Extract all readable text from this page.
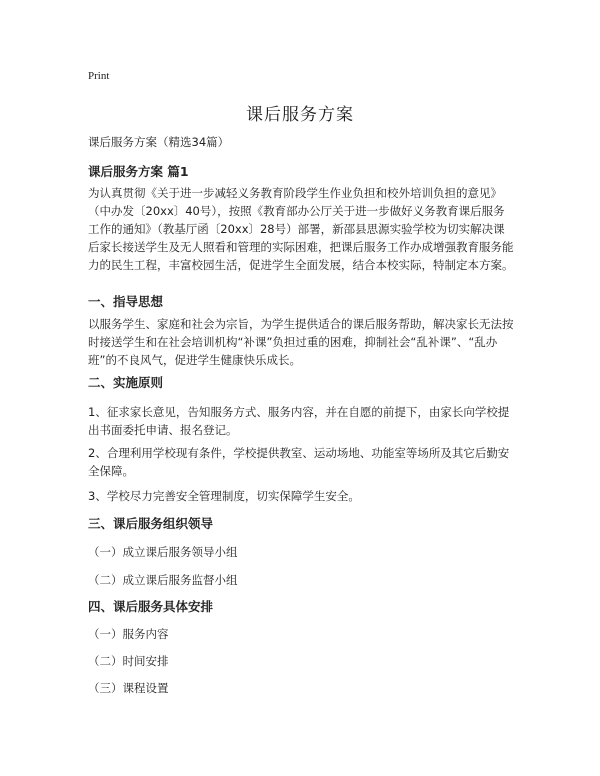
Print
课后服务方案
课后服务方案（精选34篇）
课后服务方案 篇1
为认真贯彻《关于进一步减轻义务教育阶段学生作业负担和校外培训负担的意见》（中办发〔20xx〕40号），按照《教育部办公厅关于进一步做好义务教育课后服务工作的通知》（教基厅函〔20xx〕28号）部署，新邵县思源实验学校为切实解决课后家长接送学生及无人照看和管理的实际困难，把课后服务工作办成增强教育服务能力的民生工程，丰富校园生活，促进学生全面发展，结合本校实际，特制定本方案。
一、指导思想
以服务学生、家庭和社会为宗旨，为学生提供适合的课后服务帮助，解决家长无法按时接送学生和在社会培训机构“补课”负担过重的困难，抑制社会“乱补课”、“乱办班”的不良风气，促进学生健康快乐成长。
二、实施原则
1、征求家长意见，告知服务方式、服务内容，并在自愿的前提下，由家长向学校提出书面委托申请、报名登记。
2、合理利用学校现有条件，学校提供教室、运动场地、功能室等场所及其它后勤安全保障。
3、学校尽力完善安全管理制度，切实保障学生安全。
三、课后服务组织领导
（一）成立课后服务领导小组
（二）成立课后服务监督小组
四、课后服务具体安排
（一）服务内容
（二）时间安排
（三）课程设置
